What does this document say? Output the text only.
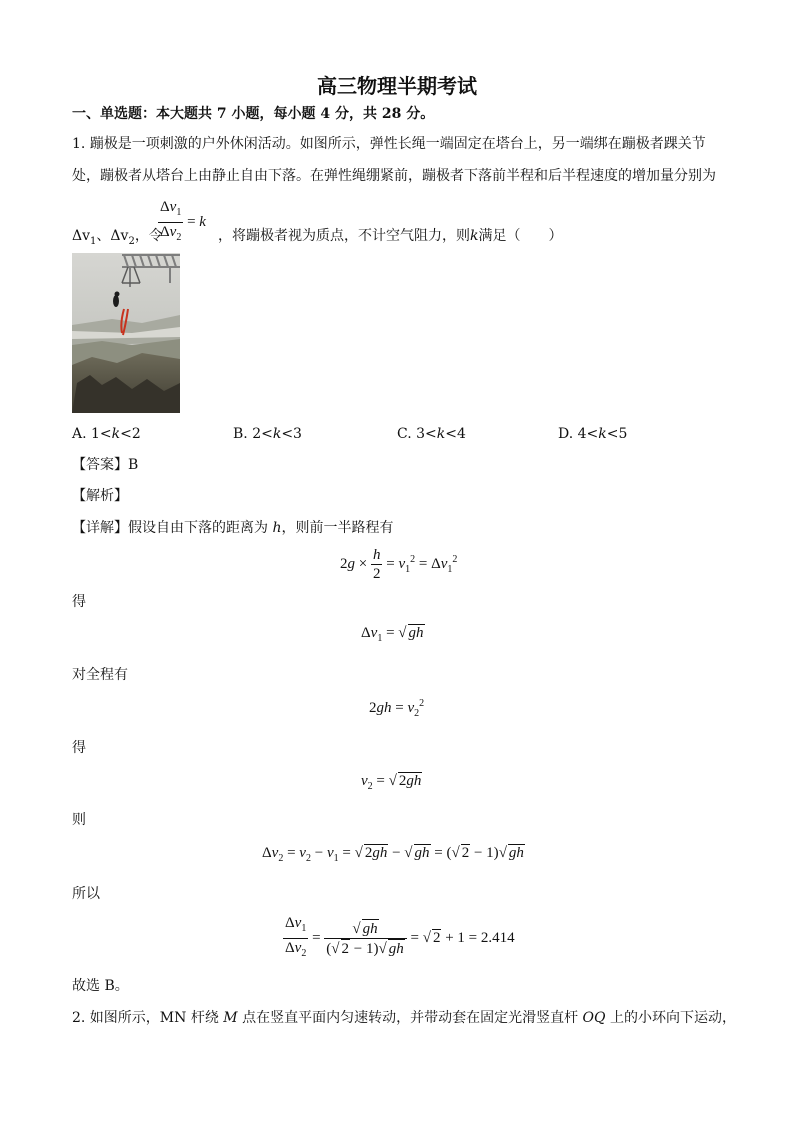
高三物理半期考试
一、单选题：本大题共 7 小题，每小题 4 分，共 28 分。
1. 蹦极是一项刺激的户外休闲活动。如图所示，弹性长绳一端固定在塔台上，另一端绑在蹦极者踝关节
处，蹦极者从塔台上由静止自由下落。在弹性绳绷紧前，蹦极者下落前半程和后半程速度的增加量分别为
$\Delta v_1$、$\Delta v_2$，令
$\frac{\Delta v_1}{\Delta v_2} = k$
，将蹦极者视为质点，不计空气阻力，则k满足（　　）
A. 1<k<2	B. 2<k<3	C. 3<k<4	D. 4<k<5
【答案】B
【解析】
【详解】假设自由下落的距离为 h，则前一半路程有
$2g \times \frac{h}{2} = v_1^2 = \Delta v_1^2$
得
$\Delta v_1$ = √ gh
对全程有
$2gh = v_2^2$
得
$v_2$ = √ 2gh
则
$\Delta v_2 = v_2 - v_1$ = √ 2gh − √ gh = (√ 2 − 1)√ gh
所以
$\frac{\Delta v_1}{\Delta v_2} = \frac{√ gh}{(√ 2 - 1)√ gh}$ = √ 2 + 1 = 2.414
故选 B。
2. 如图所示，MN 杆绕 M 点在竖直平面内匀速转动，并带动套在固定光滑竖直杆 OQ 上的小环向下运动，
